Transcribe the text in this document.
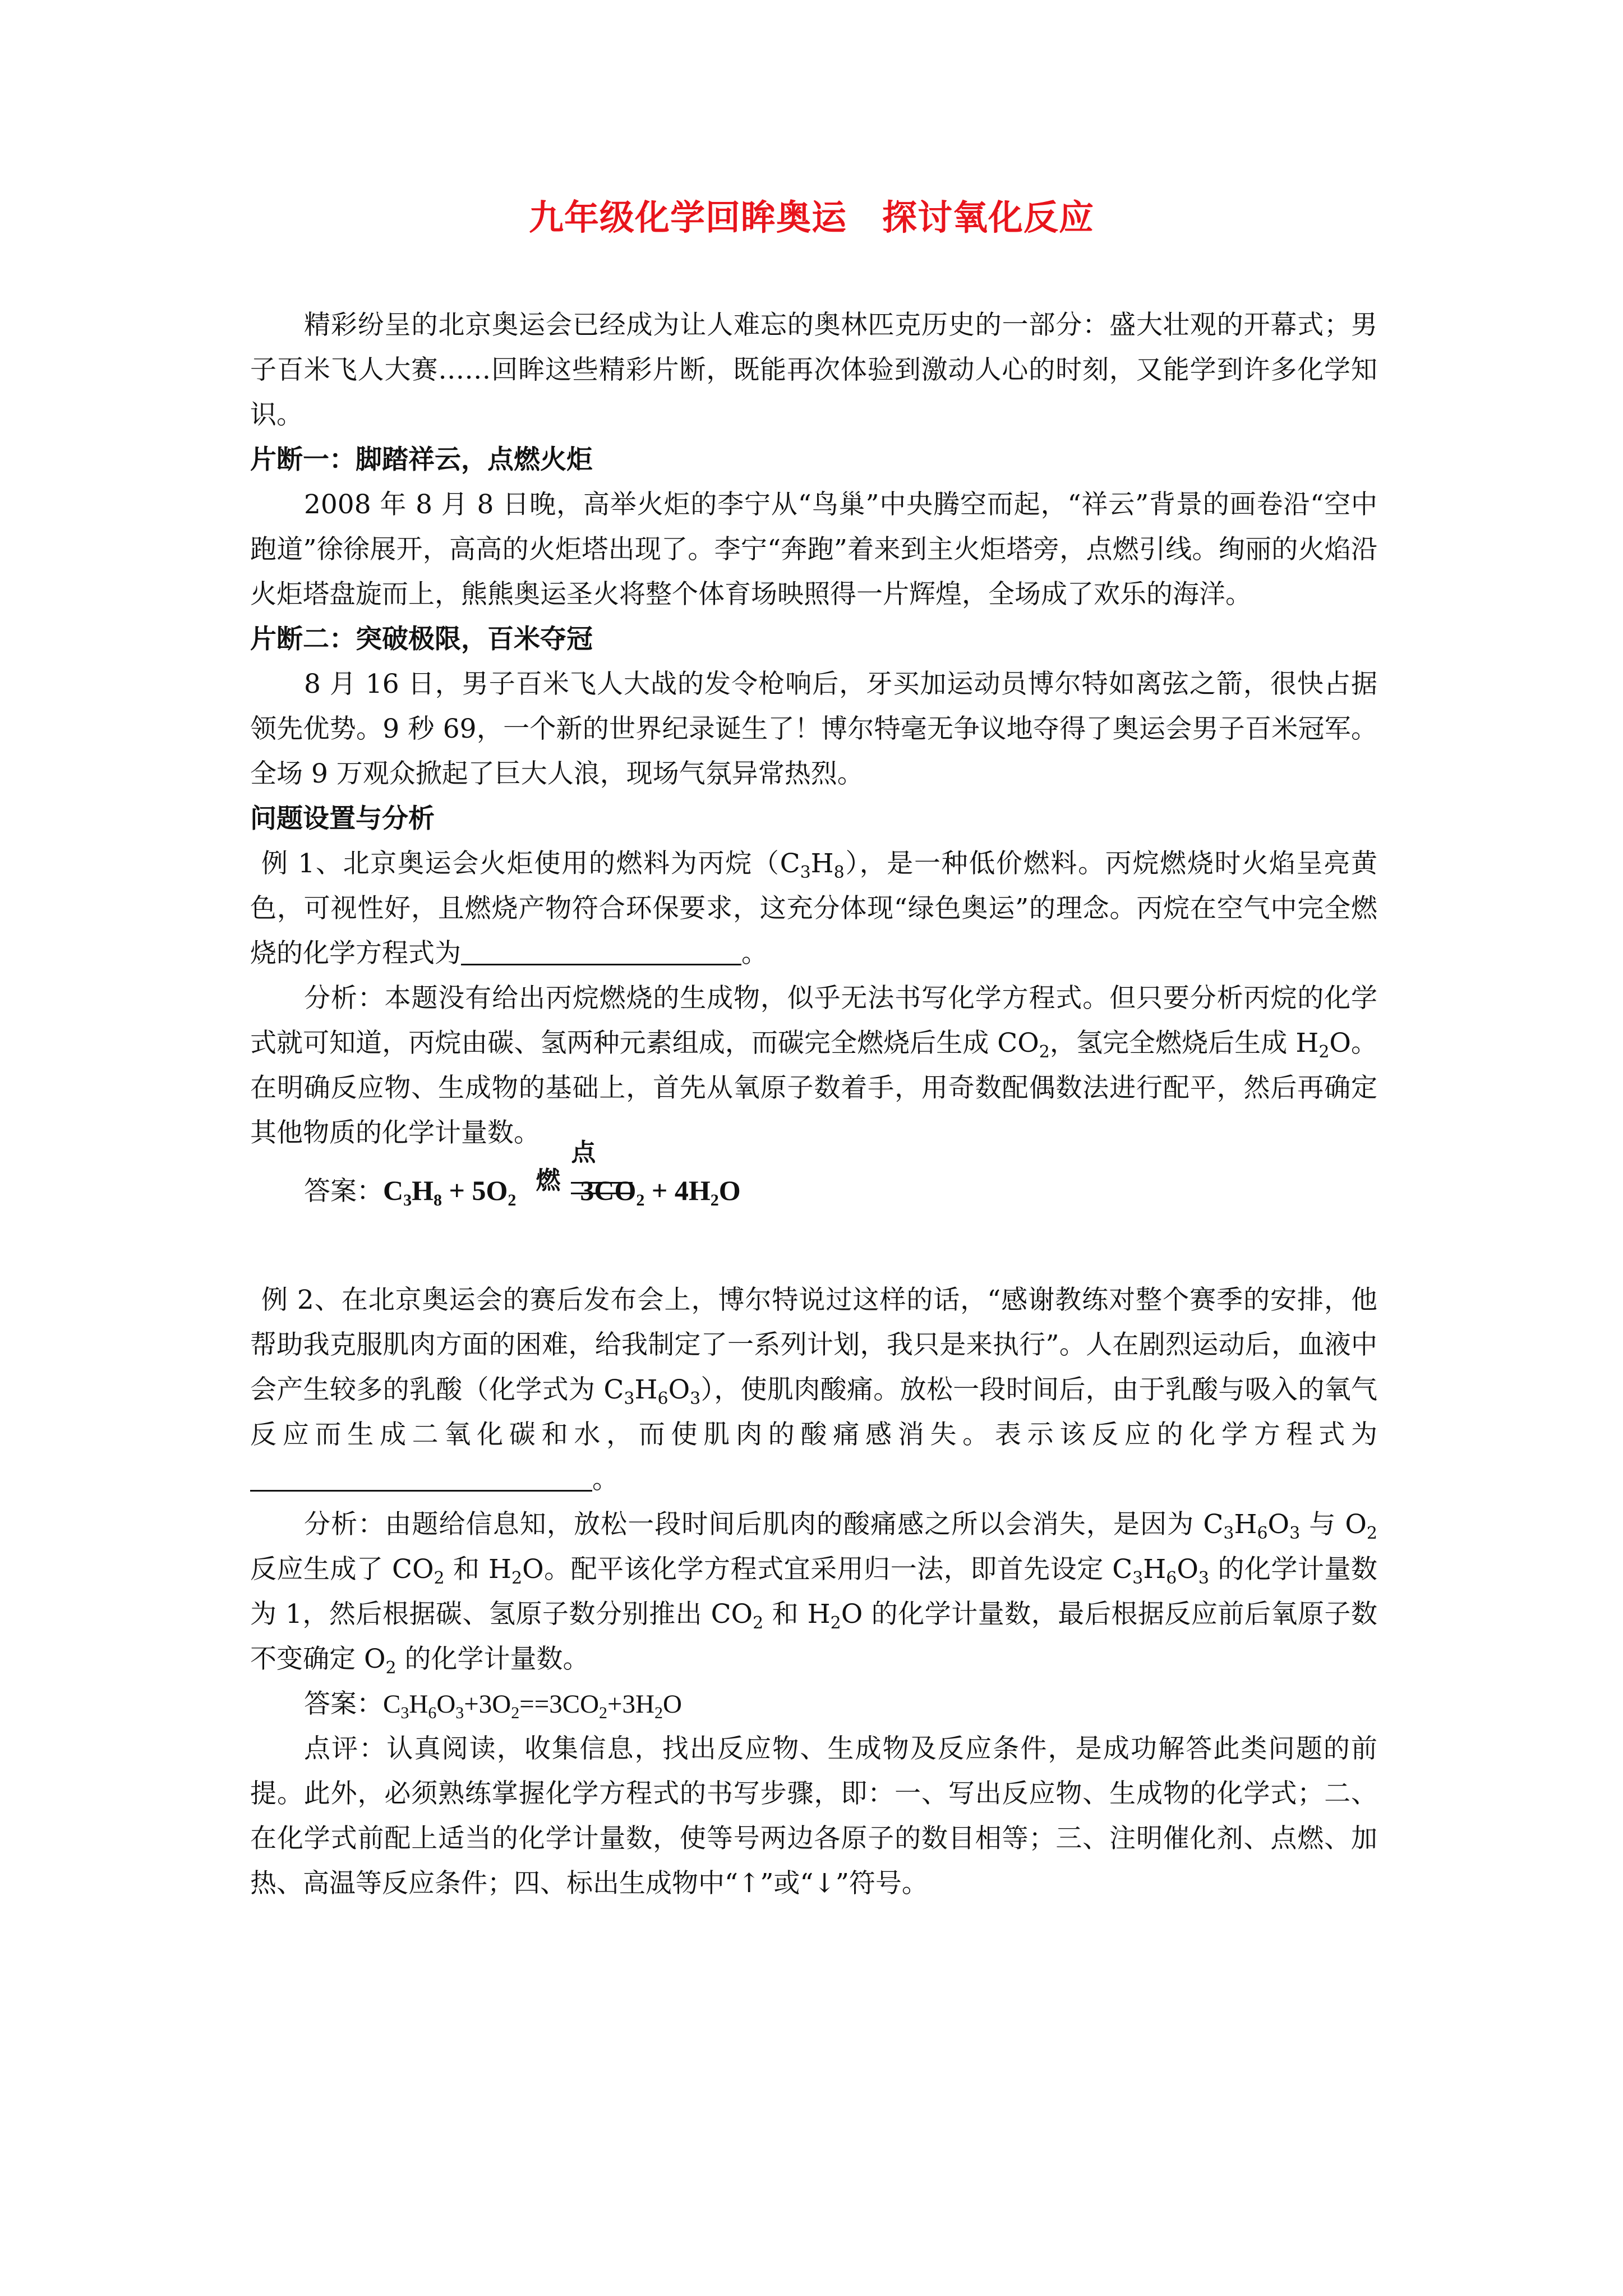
九年级化学回眸奥运　探讨氧化反应

精彩纷呈的北京奥运会已经成为让人难忘的奥林匹克历史的一部分：盛大壮观的开幕式；男子百米飞人大赛……回眸这些精彩片断，既能再次体验到激动人心的时刻，又能学到许多化学知识。

片断一：脚踏祥云，点燃火炬

2008 年 8 月 8 日晚，高举火炬的李宁从“鸟巢”中央腾空而起，“祥云”背景的画卷沿“空中跑道”徐徐展开，高高的火炬塔出现了。李宁“奔跑”着来到主火炬塔旁，点燃引线。绚丽的火焰沿火炬塔盘旋而上，熊熊奥运圣火将整个体育场映照得一片辉煌，全场成了欢乐的海洋。

片断二：突破极限，百米夺冠

8 月 16 日，男子百米飞人大战的发令枪响后，牙买加运动员博尔特如离弦之箭，很快占据领先优势。9 秒 69，一个新的世界纪录诞生了！博尔特毫无争议地夺得了奥运会男子百米冠军。全场 9 万观众掀起了巨大人浪，现场气氛异常热烈。

问题设置与分析

例 1、北京奥运会火炬使用的燃料为丙烷$(C_3H_8)$，是一种低价燃料。丙烷燃烧时火焰呈亮黄色，可视性好，且燃烧产物符合环保要求，这充分体现“绿色奥运”的理念。丙烷在空气中完全燃烧的化学方程式为	。

分析：本题没有给出丙烷燃烧的生成物，似乎无法书写化学方程式。但只要分析丙烷的化学式就可知道，丙烷由碳、氢两种元素组成，而碳完全燃烧后生成 $CO_2$，氢完全燃烧后生成 $H_2O$。在明确反应物、生成物的基础上，首先从氧原子数着手，用奇数配偶数法进行配平，然后再确定其他物质的化学计量数。

答案：$C_3H_8 + 5O_2$
点燃 $3CO_2 + 4H_2O$

例 2、在北京奥运会的赛后发布会上，博尔特说过这样的话，“感谢教练对整个赛季的安排，他帮助我克服肌肉方面的困难，给我制定了一系列计划，我只是来执行”。人在剧烈运动后，血液中会产生较多的乳酸（化学式为 $C_3H_6O_3$），使肌肉酸痛。放松一段时间后，由于乳酸与吸入的氧气反应而生成二氧化碳和水，而使肌肉的酸痛感消失。表示该反应的化学方程式为。

分析：由题给信息知，放松一段时间后肌肉的酸痛感之所以会消失，是因为 $C_3H_6O_3$ 与 $O_2$ 反应生成了 $CO_2$ 和 $H_2O$。配平该化学方程式宜采用归一法，即首先设定 $C_3H_6O_3$ 的化学计量数为 1，然后根据碳、氢原子数分别推出 $CO_2$ 和 $H_2O$ 的化学计量数，最后根据反应前后氧原子数不变确定 $O_2$ 的化学计量数。

答案：$C_3H_6O_3+3O_2==3CO_2+3H_2O$

点评：认真阅读，收集信息，找出反应物、生成物及反应条件，是成功解答此类问题的前提。此外，必须熟练掌握化学方程式的书写步骤，即：一、写出反应物、生成物的化学式；二、在化学式前配上适当的化学计量数，使等号两边各原子的数目相等；三、注明催化剂、点燃、加热、高温等反应条件；四、标出生成物中“↑”或“↓”符号。
